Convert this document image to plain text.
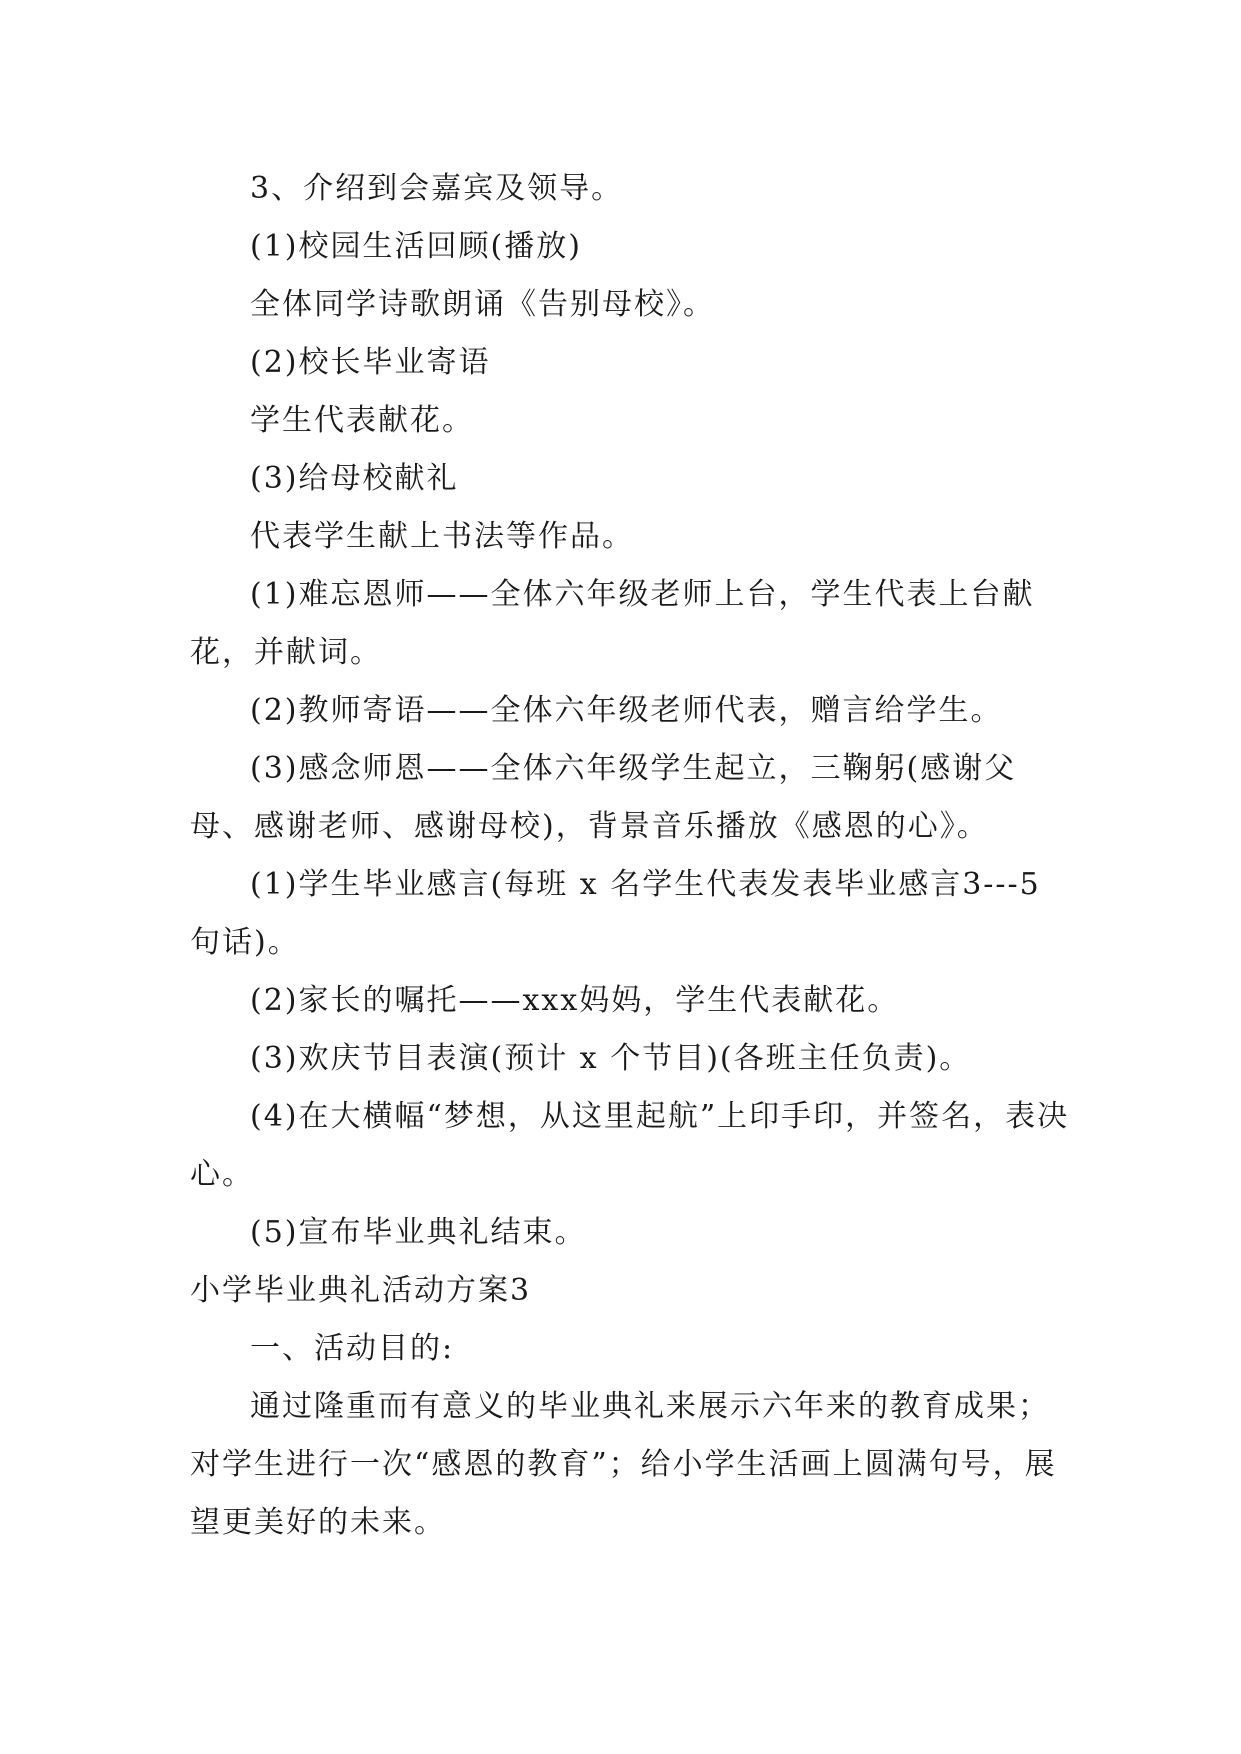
3、介绍到会嘉宾及领导。

(1)校园生活回顾(播放)

全体同学诗歌朗诵《告别母校》。

(2)校长毕业寄语

学生代表献花。

(3)给母校献礼

代表学生献上书法等作品。

(1)难忘恩师——全体六年级老师上台，学生代表上台献花，并献词。

(2)教师寄语——全体六年级老师代表，赠言给学生。

(3)感念师恩——全体六年级学生起立，三鞠躬(感谢父母、感谢老师、感谢母校)，背景音乐播放《感恩的心》。

(1)学生毕业感言(每班 x 名学生代表发表毕业感言3---5句话)。

(2)家长的嘱托——xxx妈妈，学生代表献花。

(3)欢庆节目表演(预计 x 个节目)(各班主任负责)。

(4)在大横幅“梦想，从这里起航”上印手印，并签名，表决心。

(5)宣布毕业典礼结束。

小学毕业典礼活动方案3

一、活动目的:

通过隆重而有意义的毕业典礼来展示六年来的教育成果；对学生进行一次“感恩的教育”；给小学生活画上圆满句号，展望更美好的未来。
